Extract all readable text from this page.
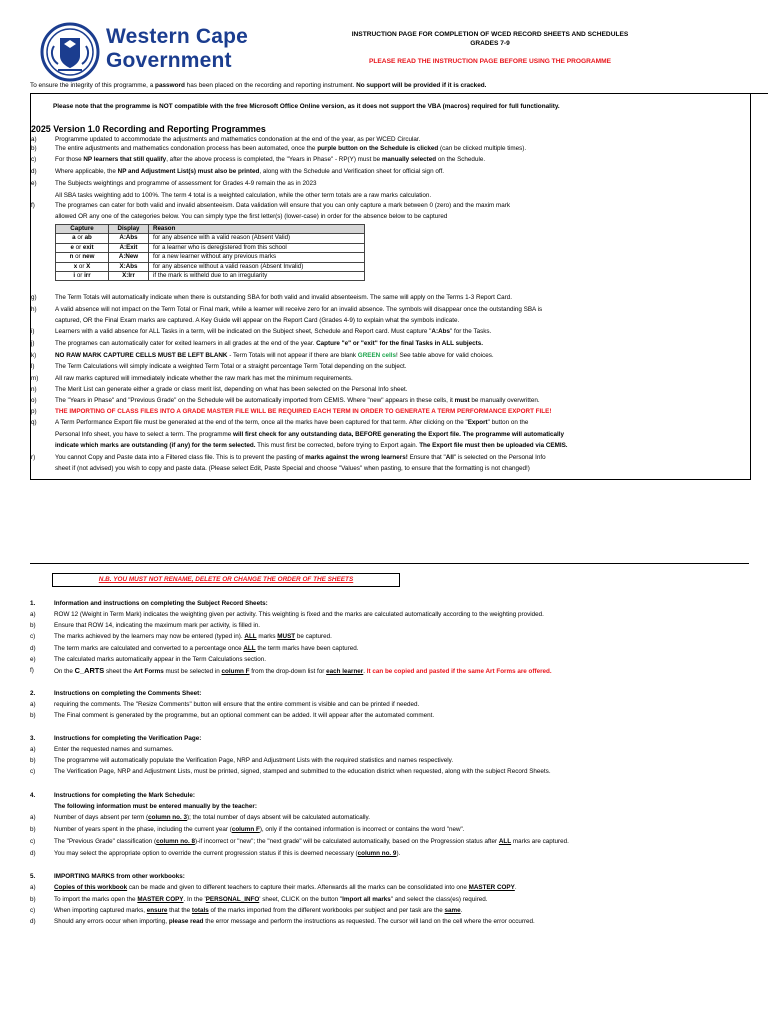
Western Cape
Government
INSTRUCTION PAGE FOR COMPLETION OF WCED RECORD SHEETS AND SCHEDULES
GRADES 7-9
PLEASE READ THE INSTRUCTION PAGE BEFORE USING THE PROGRAMME
To ensure the integrity of this programme, a password has been placed on the recording and reporting instrument. No support will be provided if it is cracked.
Please note that the programme is NOT compatible with the free Microsoft Office Online version, as it does not support the VBA (macros) required for full functionality.
2025 Version 1.0 Recording and Reporting Programmes
a)	Programme updated to accommodate the adjustments and mathematics condonation at the end of the year, as per WCED Circular.
b)	The entire adjustments and mathematics condonation process has been automated, once the purple button on the Schedule is clicked (can be clicked multiple times).
c)	For those NP learners that still qualify, after the above process is completed, the "Years in Phase" - RP(Y) must be manually selected on the Schedule.
d)	Where applicable, the NP and Adjustment List(s) must also be printed, along with the Schedule and Verification sheet for official sign off.
e)	The Subjects weightings and programme of assessment for Grades 4-9 remain the as in 2023
All SBA tasks weighting add to 100%. The term 4 total is a weighted calculation, while the other term totals are a raw marks calculation.
f)	The programes can cater for both valid and invalid absenteeism. Data validation will ensure that you can only capture a mark between 0 (zero) and the maxim mark
allowed OR any one of the categories below. You can simply type the first letter(s) (lower-case) in order for the absence below to be captured
Capture	Display	Reason
a or ab	A:Abs	for any absence with a valid reason (Absent Valid)
e or exit	A:Exit	for a learner who is deregistered from this school
n or new	A:New	for a new learner without any previous marks
x or X	X:Abs	for any absence without a valid reason (Absent Invalid)
i or irr	X:Irr	if the mark is witheld due to an irregularity
g)	The Term Totals will automatically indicate when there is outstanding SBA for both valid and invalid absenteeism. The same will apply on the Terms 1-3 Report Card.
h)	A valid absence will not impact on the Term Total or Final mark, while a learner will receive zero for an invalid absence. The symbols will disappear once the outstanding SBA is
captured, OR the Final Exam marks are captured. A Key Guide will appear on the Report Card (Grades 4-9) to explain what the symbols indicate.
i)	Learners with a valid absence for ALL Tasks in a term, will be indicated on the Subject sheet, Schedule and Report card. Must capture "A:Abs" for the Tasks.
j)	The programes can automatically cater for exited learners in all grades at the end of the year. Capture "e" or "exit" for the final Tasks in ALL subjects.
k)	NO RAW MARK CAPTURE CELLS MUST BE LEFT BLANK - Term Totals will not appear if there are blank GREEN cells! See table above for valid choices.
l)	The Term Calculations will simply indicate a weighted Term Total or a straight percentage Term Total depending on the subject.
m)	All raw marks captured will immediately indicate whether the raw mark has met the minimum requirements.
n)	The Merit List can generate either a grade or class merit list, depending on what has been selected on the Personal Info sheet.
o)	The "Years in Phase" and "Previous Grade" on the Schedule will be automatically imported from CEMIS. Where "new" appears in these cells, it must be manually overwritten.
p)	THE IMPORTING OF CLASS FILES INTO A GRADE MASTER FILE WILL BE REQUIRED EACH TERM IN ORDER TO GENERATE A TERM PERFORMANCE EXPORT FILE!
q)	A Term Performance Export file must be generated at the end of the term, once all the marks have been captured for that term. After clicking on the "Export" button on the
Personal Info sheet, you have to select a term. The programme will first check for any outstanding data, BEFORE generating the Export file. The programme will automatically
indicate which marks are outstanding (if any) for the term selected. This must first be corrected, before trying to Export again. The Export file must then be uploaded via CEMIS.
r)	You cannot Copy and Paste data into a Filtered class file. This is to prevent the pasting of marks against the wrong learners! Ensure that "All" is selected on the Personal Info
sheet if (not advised) you wish to copy and paste data. (Please select Edit, Paste Special and choose "Values" when pasting, to ensure that the formatting is not changed!)
N.B. YOU MUST NOT RENAME, DELETE OR CHANGE THE ORDER OF THE SHEETS
1.	Information and instructions on completing the Subject Record Sheets:
a)	ROW 12 (Weight in Term Mark) indicates the weighting given per activity. This weighting is fixed and the marks are calculated automatically according to the weighting provided.
b)	Ensure that ROW 14, indicating the maximum mark per activity, is filled in.
c)	The marks achieved by the learners may now be entered (typed in). ALL marks MUST be captured.
d)	The term marks are calculated and converted to a percentage once ALL the term marks have been captured.
e)	The calculated marks automatically appear in the Term Calculations section.
f)	On the C_ARTS sheet the Art Forms must be selected in column F from the drop-down list for each learner. It can be copied and pasted if the same Art Forms are offered.
2.	Instructions on completing the Comments Sheet:
a)	requiring the comments. The "Resize Comments" button will ensure that the entire comment is visible and can be printed if needed.
b)	The Final comment is generated by the programme, but an optional comment can be added. It will appear after the automated comment.
3.	Instructions for completing the Verification Page:
a)	Enter the requested names and surnames.
b)	The programme will automatically populate the Verification Page, NRP and Adjustment Lists with the required statistics and names respectively.
c)	The Verification Page, NRP and Adjustment Lists, must be printed, signed, stamped and submitted to the education district when requested, along with the subject Record Sheets.
4.	Instructions for completing the Mark Schedule:
The following information must be entered manually by the teacher:
a)	Number of days absent per term (column no. 3); the total number of days absent will be calculated automatically.
b)	Number of years spent in the phase, including the current year (column F), only if the contained information is incorrect or contains the word "new".
c)	The "Previous Grade" classification (column no. 8)-if incorrect or "new"; the "next grade" will be calculated automatically, based on the Progression status after ALL marks are captured.
d)	You may select the appropriate option to override the current progression status if this is deemed necessary (column no. 9).
5.	IMPORTING MARKS from other workbooks:
a)	Copies of this workbook can be made and given to different teachers to capture their marks. Afterwards all the marks can be consolidated into one MASTER COPY.
b)	To import the marks open the MASTER COPY. In the 'PERSONAL_INFO' sheet, CLICK on the button "Import all marks" and select the class(es) required.
c)	When importing captured marks, ensure that the totals of the marks imported from the different workbooks per subject and per task are the same.
d)	Should any errors occur when importing, please read the error message and perform the instructions as requested. The cursor will land on the cell where the error occurred.
